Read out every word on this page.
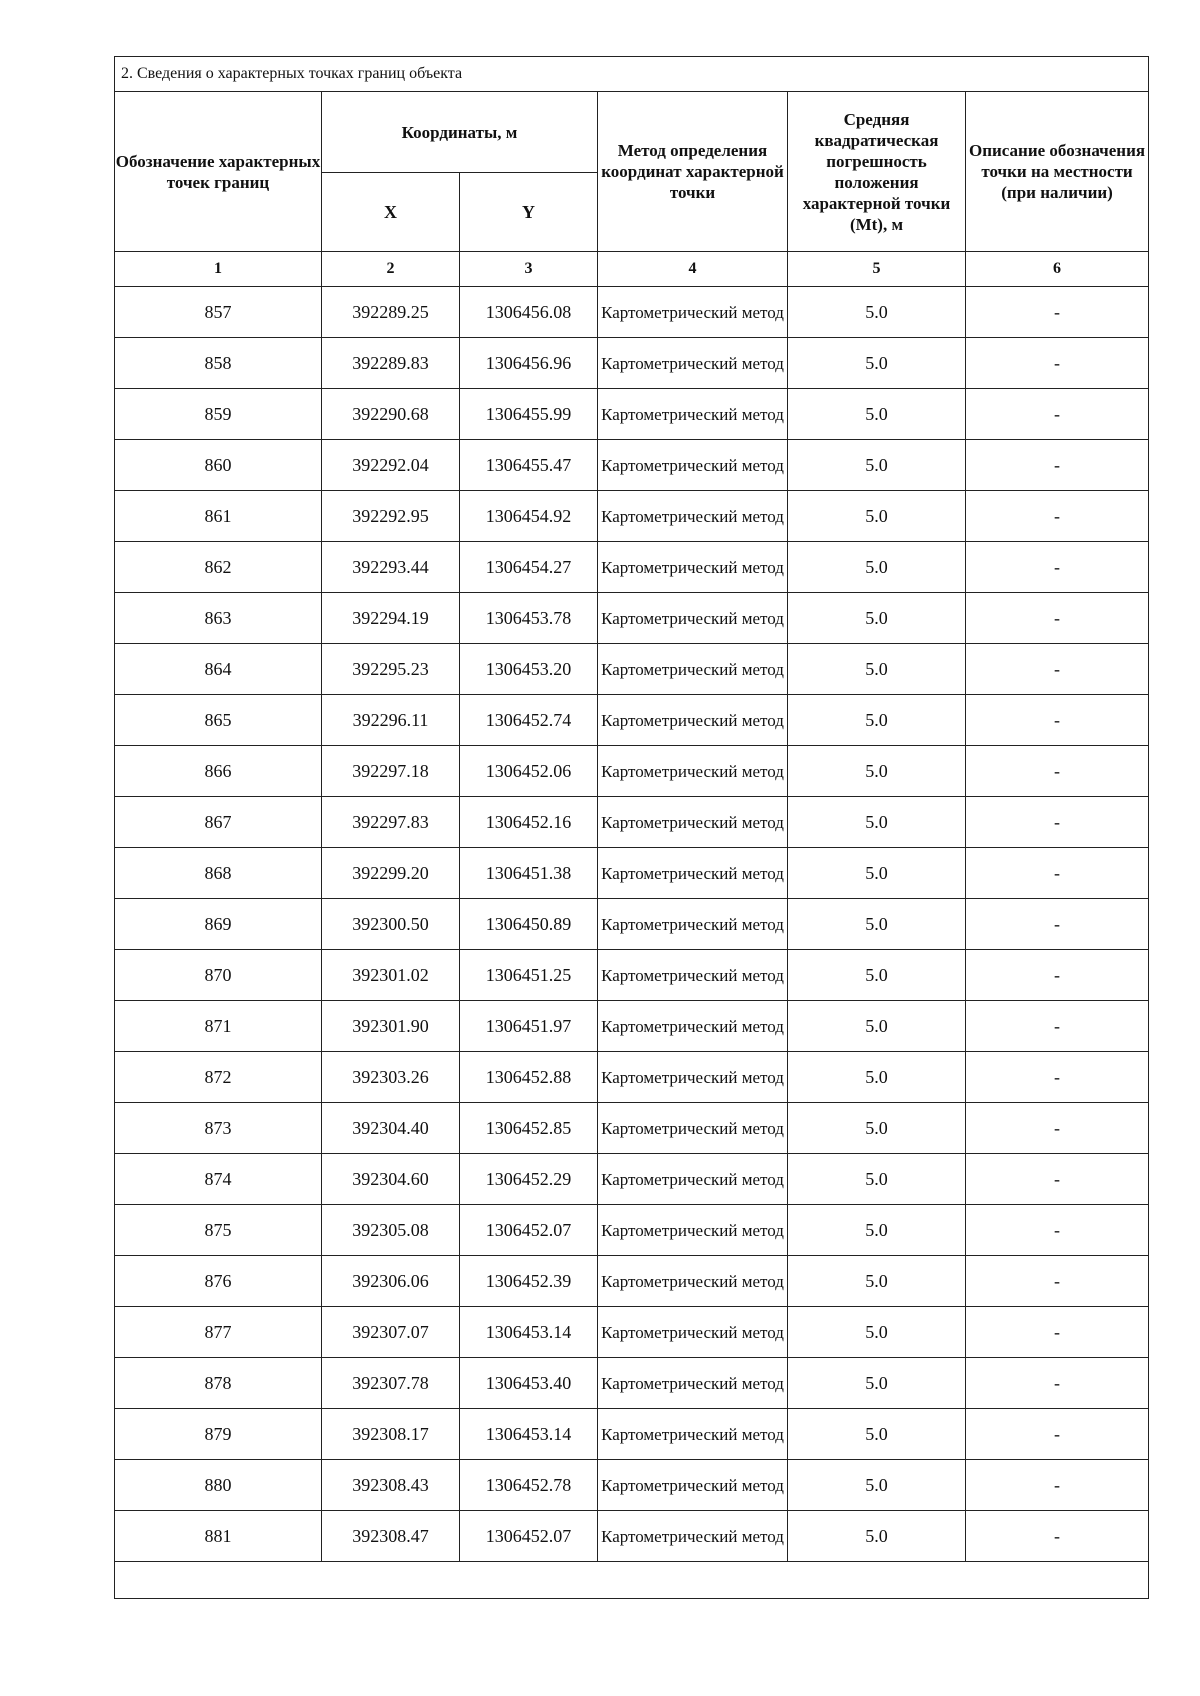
2. Сведения о характерных точках границ объекта					
Обозначение характерных точек границ	Координаты, м		Метод определения координат характерной точки	Средняя квадратическая погрешность положения характерной точки (Mt), м	Описание обозначения точки на местности (при наличии)
	X	Y			
1	2	3	4	5	6
857	392289.25	1306456.08	Картометрический метод	5.0	-
858	392289.83	1306456.96	Картометрический метод	5.0	-
859	392290.68	1306455.99	Картометрический метод	5.0	-
860	392292.04	1306455.47	Картометрический метод	5.0	-
861	392292.95	1306454.92	Картометрический метод	5.0	-
862	392293.44	1306454.27	Картометрический метод	5.0	-
863	392294.19	1306453.78	Картометрический метод	5.0	-
864	392295.23	1306453.20	Картометрический метод	5.0	-
865	392296.11	1306452.74	Картометрический метод	5.0	-
866	392297.18	1306452.06	Картометрический метод	5.0	-
867	392297.83	1306452.16	Картометрический метод	5.0	-
868	392299.20	1306451.38	Картометрический метод	5.0	-
869	392300.50	1306450.89	Картометрический метод	5.0	-
870	392301.02	1306451.25	Картометрический метод	5.0	-
871	392301.90	1306451.97	Картометрический метод	5.0	-
872	392303.26	1306452.88	Картометрический метод	5.0	-
873	392304.40	1306452.85	Картометрический метод	5.0	-
874	392304.60	1306452.29	Картометрический метод	5.0	-
875	392305.08	1306452.07	Картометрический метод	5.0	-
876	392306.06	1306452.39	Картометрический метод	5.0	-
877	392307.07	1306453.14	Картометрический метод	5.0	-
878	392307.78	1306453.40	Картометрический метод	5.0	-
879	392308.17	1306453.14	Картометрический метод	5.0	-
880	392308.43	1306452.78	Картометрический метод	5.0	-
881	392308.47	1306452.07	Картометрический метод	5.0	-
